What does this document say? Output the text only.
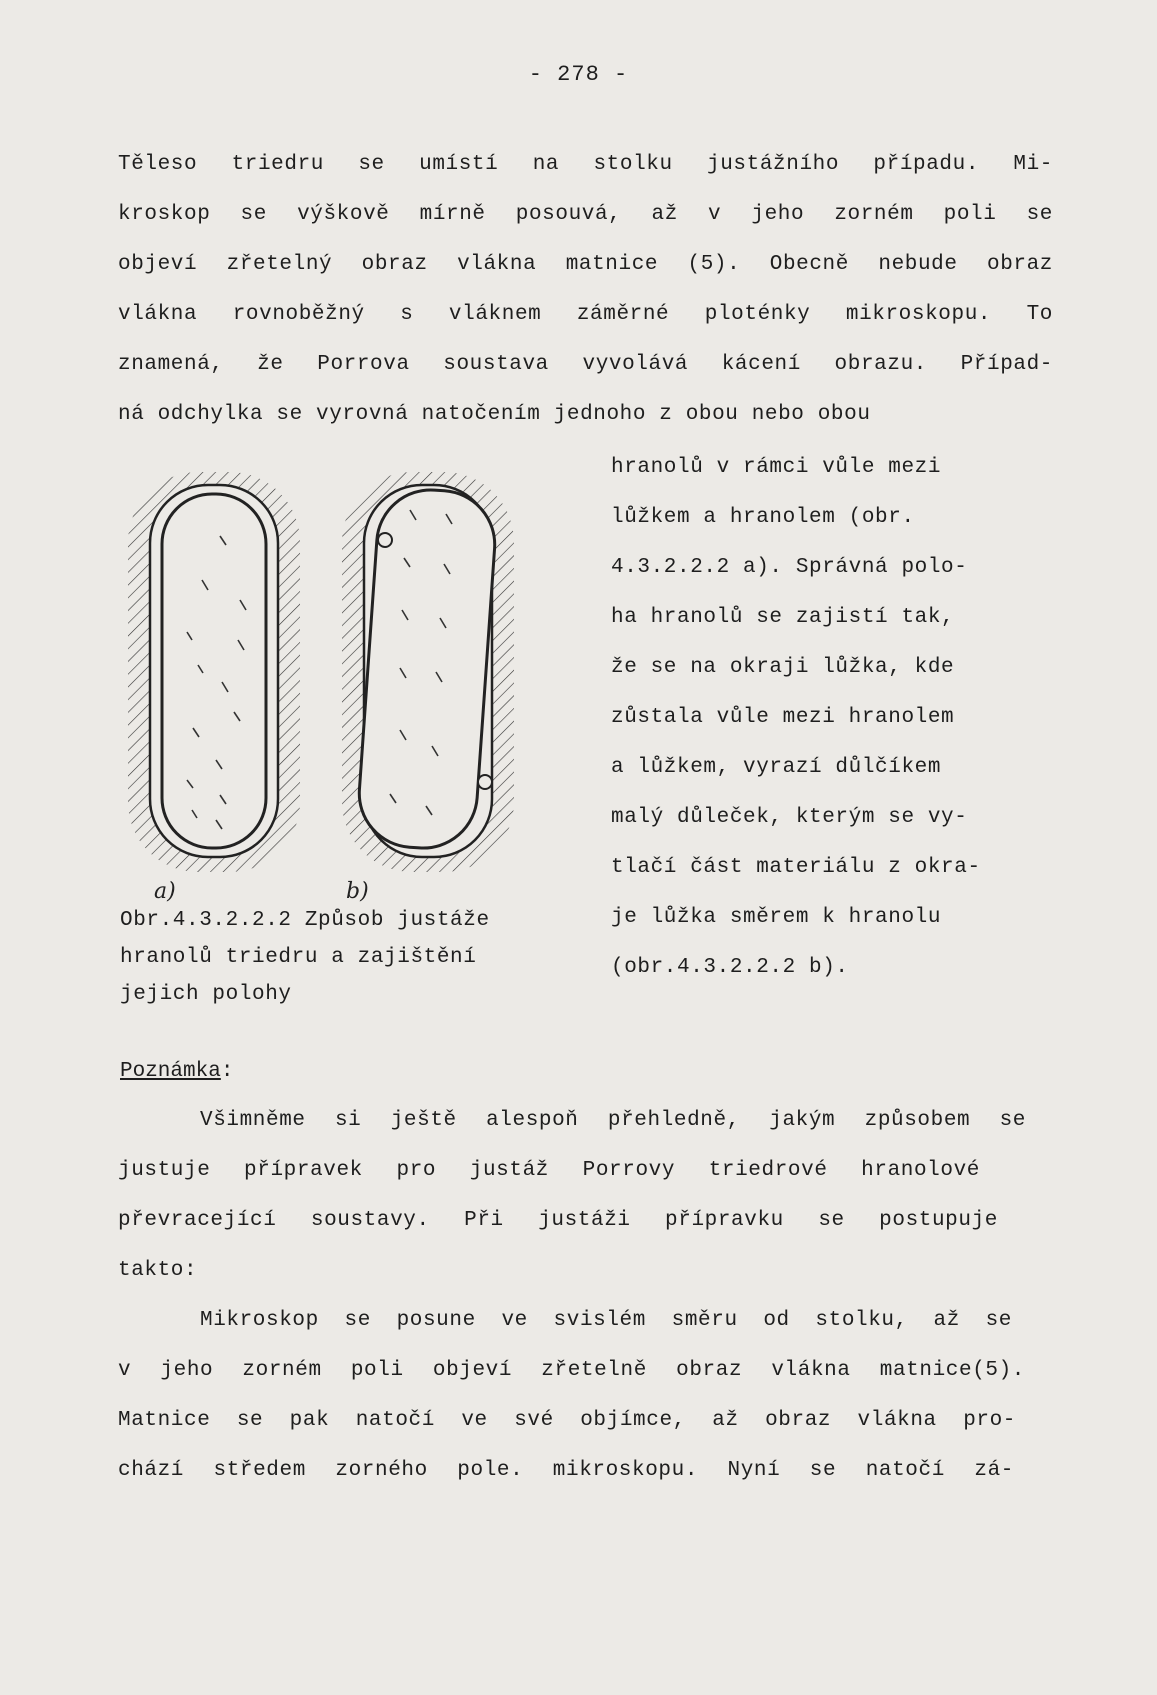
- 278 -
Těleso triedru se umístí na stolku justážního případu. Mi-
kroskop se výškově mírně posouvá, až v jeho zorném poli se
objeví zřetelný obraz vlákna matnice (5). Obecně nebude obraz
vlákna rovnoběžný s vláknem záměrné ploténky mikroskopu. To
znamená, že Porrova soustava vyvolává kácení obrazu. Případ-
ná odchylka se vyrovná natočením jednoho z obou nebo obou
hranolů v rámci vůle mezi
lůžkem a hranolem (obr.
4.3.2.2.2 a). Správná polo-
ha hranolů se zajistí tak,
že se na okraji lůžka, kde
zůstala vůle mezi hranolem
a lůžkem, vyrazí důlčíkem
malý důleček, kterým se vy-
tlačí část materiálu z okra-
je lůžka směrem k hranolu
(obr.4.3.2.2.2 b).
a)	b)
Obr.4.3.2.2.2 Způsob justáže
hranolů triedru a zajištění
jejich polohy
Poznámka:
Všimněme si ještě alespoň přehledně, jakým způsobem se
justuje přípravek pro justáž Porrovy triedrové hranolové
převracející soustavy. Při justáži přípravku se postupuje
takto:
Mikroskop se posune ve svislém směru od stolku, až se
v jeho zorném poli objeví zřetelně obraz vlákna matnice(5).
Matnice se pak natočí ve své objímce, až obraz vlákna pro-
chází středem zorného pole. mikroskopu. Nyní se natočí zá-
